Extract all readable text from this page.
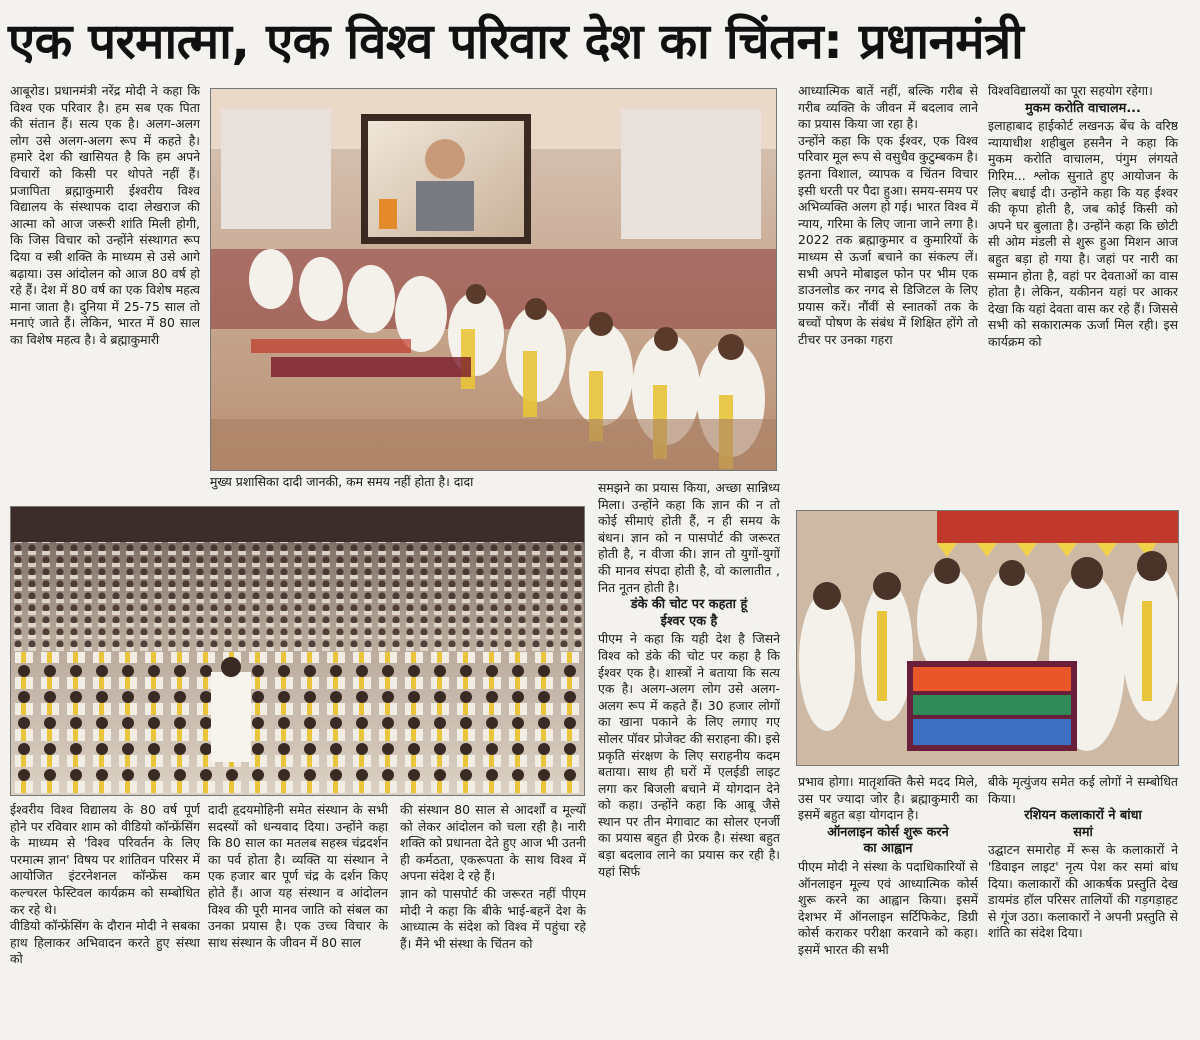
एक परमात्मा, एक विश्व परिवार देश का चिंतन: प्रधानमंत्री

आबूरोड। प्रधानमंत्री नरेंद्र मोदी ने कहा कि विश्व एक परिवार है। हम सब एक पिता की संतान हैं। सत्य एक है। अलग-अलग लोग उसे अलग-अलग रूप में कहते है। हमारे देश की खासियत है कि हम अपने विचारों को किसी पर थोपते नहीं हैं। प्रजापिता ब्रह्माकुमारी ईश्वरीय विश्व विद्यालय के संस्थापक दादा लेखराज की आत्मा को आज जरूरी शांति मिली होगी, कि जिस विचार को उन्होंने संस्थागत रूप दिया व स्त्री शक्ति के माध्यम से उसे आगे बढ़ाया। उस आंदोलन को आज 80 वर्ष हो रहे हैं। देश में 80 वर्ष का एक विशेष महत्व माना जाता है। दुनिया में 25-75 साल तो मनाएं जाते हैं। लेकिन, भारत में 80 साल का विशेष महत्व है। वे ब्रह्माकुमारी

मुख्य प्रशासिका दादी जानकी, कम समय नहीं होता है। दादा

आध्यात्मिक बातें नहीं, बल्कि गरीब से गरीब व्यक्ति के जीवन में बदलाव लाने का प्रयास किया जा रहा है।
उन्होंने कहा कि एक ईश्वर, एक विश्व परिवार मूल रूप से वसुधैव कुटुम्बकम है। इतना विशाल, व्यापक व चिंतन विचार इसी धरती पर पैदा हुआ। समय-समय पर अभिव्यक्ति अलग हो गई। भारत विश्व में न्याय, गरिमा के लिए जाना जाने लगा है। 2022 तक ब्रह्माकुमार व कुमारियों के माध्यम से ऊर्जा बचाने का संकल्प लें। सभी अपने मोबाइल फोन पर भीम एक डाउनलोड कर नगद से डिजिटल के लिए प्रयास करें। नौंवीं से स्नातकों तक के बच्चों पोषण के संबंध में शिक्षित होंगे तो टीचर पर उनका गहरा

विश्वविद्यालयों का पूरा सहयोग रहेगा।

मुकम करोति वाचालम...

इलाहाबाद हाईकोर्ट लखनऊ बेंच के वरिष्ठ न्यायाधीश शहीबुल हसनैन ने कहा कि मुकम करोति वाचालम, पंगुम लंगयते गिरिम... श्लोक सुनाते हुए आयोजन के लिए बधाई दी। उन्होंने कहा कि यह ईश्वर की कृपा होती है, जब कोई किसी को अपने घर बुलाता है। उन्होंने कहा कि छोटी सी ओम मंडली से शुरू हुआ मिशन आज बहुत बड़ा हो गया है। जहां पर नारी का सम्मान होता है, वहां पर देवताओं का वास होता है। लेकिन, यकीनन यहां पर आकर देखा कि यहां देवता वास कर रहे हैं। जिससे सभी को सकारात्मक ऊर्जा मिल रही। इस कार्यक्रम को

समझने का प्रयास किया, अच्छा सान्निध्य मिला। उन्होंने कहा कि ज्ञान की न तो कोई सीमाएं होती हैं, न ही समय के बंधन। ज्ञान को न पासपोर्ट की जरूरत होती है, न वीजा की। ज्ञान तो युगों-युगों की मानव संपदा होती है, वो कालातीत , नित नूतन होती है।

डंके की चोट पर कहता हूं
ईश्वर एक है

पीएम ने कहा कि यही देश है जिसने विश्व को डंके की चोट पर कहा है कि ईश्वर एक है। शास्त्रों ने बताया कि सत्य एक है। अलग-अलग लोग उसे अलग-अलग रूप में कहते हैं। 30 हजार लोगों का खाना पकाने के लिए लगाए गए सोलर पॉवर प्रोजेक्ट की सराहना की। इसे प्रकृति संरक्षण के लिए सराहनीय कदम बताया। साथ ही घरों में एलईडी लाइट लगा कर बिजली बचाने में योगदान देने को कहा। उन्होंने कहा कि आबू जैसे स्थान पर तीन मेगावाट का सोलर एनर्जी का प्रयास बहुत ही प्रेरक है। संस्था बहुत बड़ा बदलाव लाने का प्रयास कर रही है। यहां सिर्फ

ईश्वरीय विश्व विद्यालय के 80 वर्ष पूर्ण होने पर रविवार शाम को वीडियो कॉन्फ्रेंसिंग के माध्यम से 'विश्व परिवर्तन के लिए परमात्म ज्ञान' विषय पर शांतिवन परिसर में आयोजित इंटरनेशनल कॉन्फ्रेंस कम कल्चरल फेस्टिवल कार्यक्रम को सम्बोधित कर रहे थे।
वीडियो कॉन्फ्रेंसिंग के दौरान मोदी ने सबका हाथ हिलाकर अभिवादन करते हुए संस्था को

दादी हृदयमोहिनी समेत संस्थान के सभी सदस्यों को धन्यवाद दिया। उन्होंने कहा कि 80 साल का मतलब सहस्त्र चंद्रदर्शन का पर्व होता है। व्यक्ति या संस्थान ने एक हजार बार पूर्ण चंद्र के दर्शन किए होते हैं। आज यह संस्थान व आंदोलन विश्व की पूरी मानव जाति को संबल का उनका प्रयास है। एक उच्च विचार के साथ संस्थान के जीवन में 80 साल

की संस्थान 80 साल से आदर्शों व मूल्यों को लेकर आंदोलन को चला रही है। नारी शक्ति को प्रधानता देते हुए आज भी उतनी ही कर्मठता, एकरूपता के साथ विश्व में अपना संदेश दे रहे हैं।

ज्ञान को पासपोर्ट की जरूरत नहीं पीएम मोदी ने कहा कि बीके भाई-बहनें देश के आध्यात्म के संदेश को विश्व में पहुंचा रहे हैं। मैंने भी संस्था के चिंतन को

प्रभाव होगा। मातृशक्ति कैसे मदद मिले, उस पर ज्यादा जोर है। ब्रह्माकुमारी का इसमें बहुत बड़ा योगदान है।

ऑनलाइन कोर्स शुरू करने
का आह्वान

पीएम मोदी ने संस्था के पदाधिकारियों से ऑनलाइन मूल्य एवं आध्यात्मिक कोर्स शुरू करने का आह्वान किया। इसमें देशभर में ऑनलाइन सर्टिफिकेट, डिग्री कोर्स कराकर परीक्षा करवाने को कहा। इसमें भारत की सभी

बीके मृत्युंजय समेत कई लोगों ने सम्बोधित किया।

रशियन कलाकारों ने बांधा
समां

उद्घाटन समारोह में रूस के कलाकारों ने 'डिवाइन लाइट' नृत्य पेश कर समां बांध दिया। कलाकारों की आकर्षक प्रस्तुति देख डायमंड हॉल परिसर तालियों की गड़गड़ाहट से गूंज उठा। कलाकारों ने अपनी प्रस्तुति से शांति का संदेश दिया।
